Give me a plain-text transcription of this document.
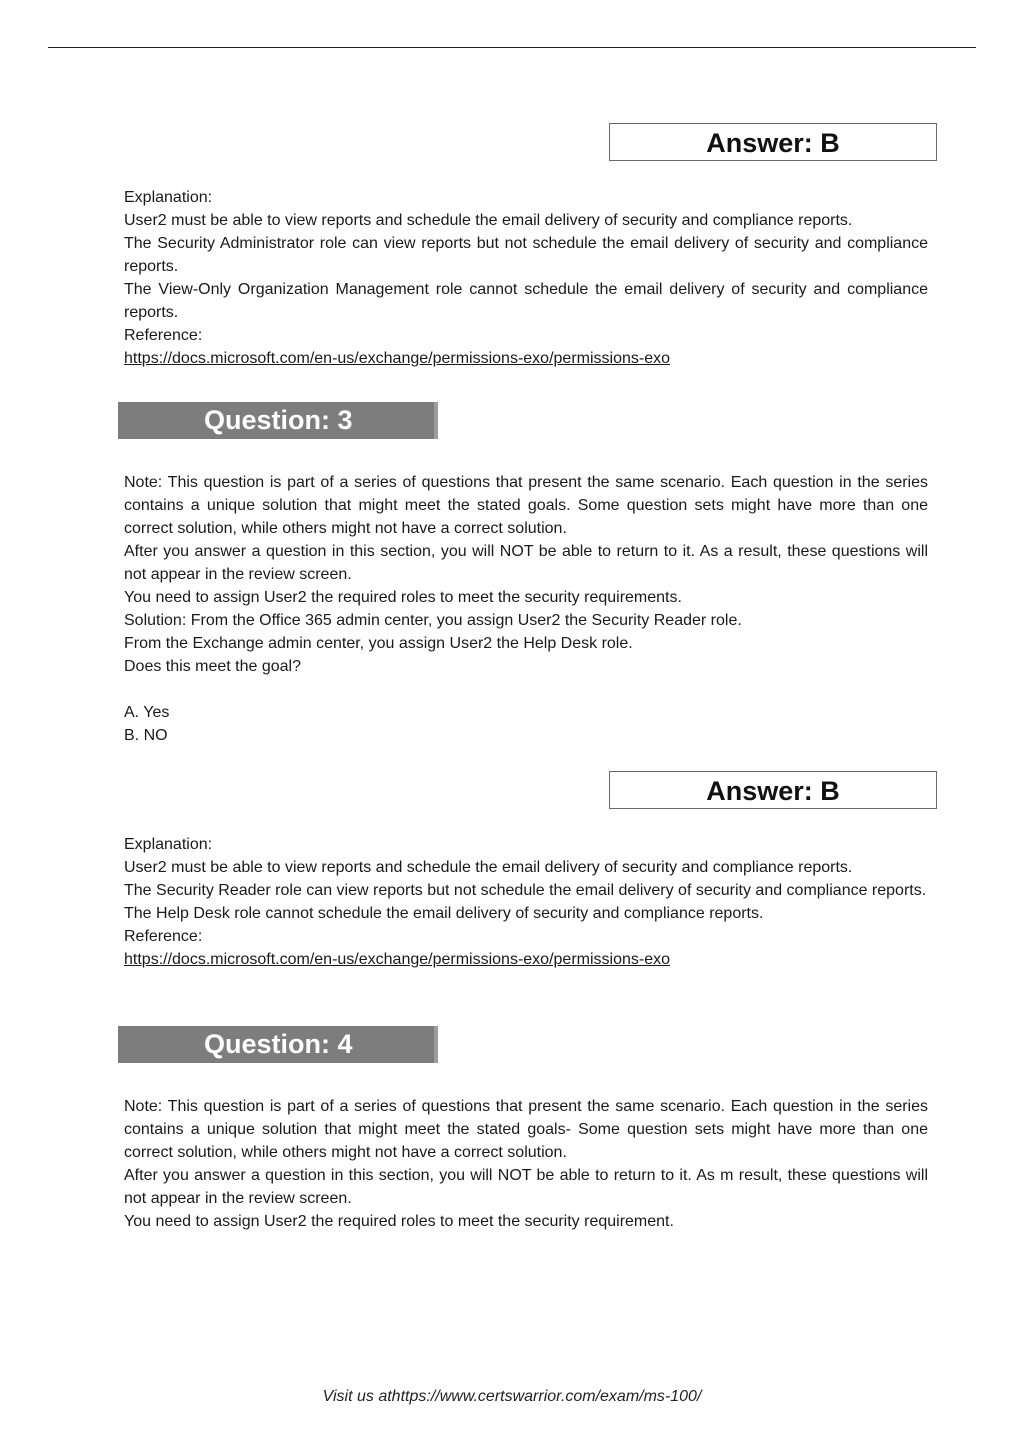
Answer: B

Explanation:

User2 must be able to view reports and schedule the email delivery of security and compliance reports.

The Security Administrator role can view reports but not schedule the email delivery of security and compliance reports.

The View-Only Organization Management role cannot schedule the email delivery of security and compliance reports.

Reference:

https://docs.microsoft.com/en-us/exchange/permissions-exo/permissions-exo

Question: 3

Note: This question is part of a series of questions that present the same scenario. Each question in the series contains a unique solution that might meet the stated goals. Some question sets might have more than one correct solution, while others might not have a correct solution.

After you answer a question in this section, you will NOT be able to return to it. As a result, these questions will not appear in the review screen.

You need to assign User2 the required roles to meet the security requirements.

Solution: From the Office 365 admin center, you assign User2 the Security Reader role.

From the Exchange admin center, you assign User2 the Help Desk role.

Does this meet the goal?

A. Yes

B. NO

Answer: B

Explanation:

User2 must be able to view reports and schedule the email delivery of security and compliance reports.

The Security Reader role can view reports but not schedule the email delivery of security and compliance reports.

The Help Desk role cannot schedule the email delivery of security and compliance reports.

Reference:

https://docs.microsoft.com/en-us/exchange/permissions-exo/permissions-exo

Question: 4

Note: This question is part of a series of questions that present the same scenario. Each question in the series contains a unique solution that might meet the stated goals- Some question sets might have more than one correct solution, while others might not have a correct solution.

After you answer a question in this section, you will NOT be able to return to it. As m result, these questions will not appear in the review screen.

You need to assign User2 the required roles to meet the security requirement.

Visit us athttps://www.certswarrior.com/exam/ms-100/
